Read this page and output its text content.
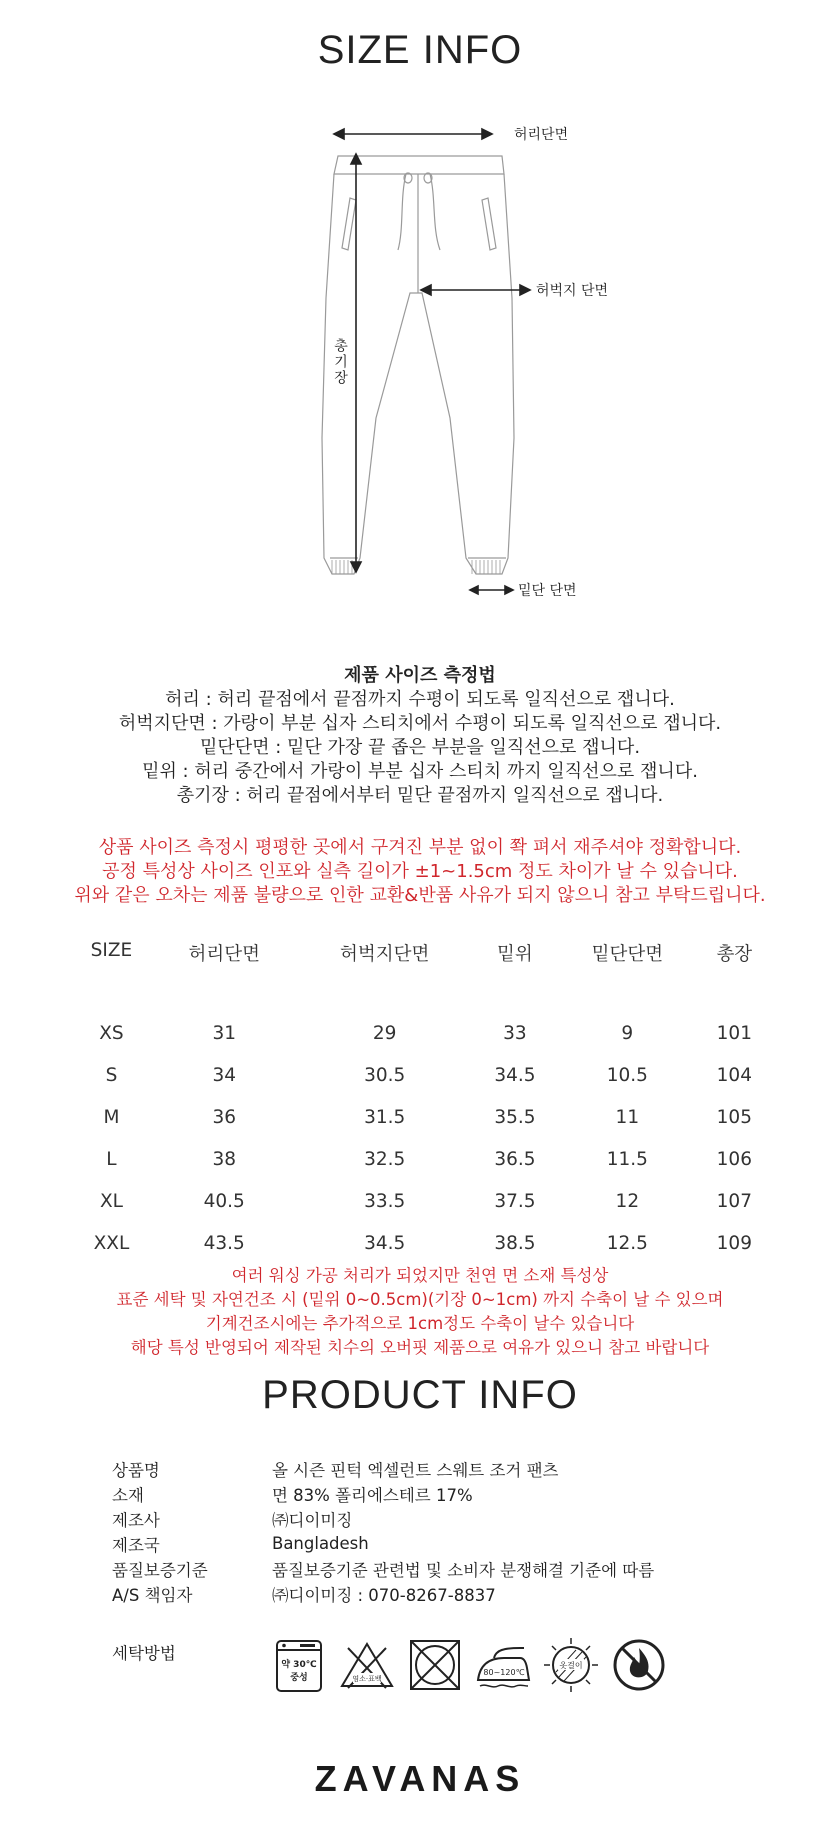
SIZE INFO
허리단면
허벅지 단면
밑단 단면
총기장
제품 사이즈 측정법
허리 : 허리 끝점에서 끝점까지 수평이 되도록 일직선으로 잽니다.
허벅지단면 : 가랑이 부분 십자 스티치에서 수평이 되도록 일직선으로 잽니다.
밑단단면 : 밑단 가장 끝 좁은 부분을 일직선으로 잽니다.
밑위 : 허리 중간에서 가랑이 부분 십자 스티치 까지 일직선으로 잽니다.
총기장 : 허리 끝점에서부터 밑단 끝점까지 일직선으로 잽니다.
상품 사이즈 측정시 평평한 곳에서 구겨진 부분 없이 쫙 펴서 재주셔야 정확합니다.
공정 특성상 사이즈 인포와 실측 길이가 ±1~1.5cm 정도 차이가 날 수 있습니다.
위와 같은 오차는 제품 불량으로 인한 교환&반품 사유가 되지 않으니 참고 부탁드립니다.
SIZE	허리단면	허벅지단면	밑위	밑단단면	총장
XS	31	29	33	9	101
S	34	30.5	34.5	10.5	104
M	36	31.5	35.5	11	105
L	38	32.5	36.5	11.5	106
XL	40.5	33.5	37.5	12	107
XXL	43.5	34.5	38.5	12.5	109
여러 워싱 가공 처리가 되었지만 천연 면 소재 특성상
표준 세탁 및 자연건조 시 (밑위 0~0.5cm)(기장 0~1cm) 까지 수축이 날 수 있으며
기계건조시에는 추가적으로 1cm정도 수축이 날수 있습니다
해당 특성 반영되어 제작된 치수의 오버핏 제품으로 여유가 있으니 참고 바랍니다
PRODUCT INFO
상품명	올 시즌 핀턱 엑셀런트 스웨트 조거 팬츠
소재	면 83% 폴리에스테르 17%
제조사	㈜디이미징
제조국	Bangladesh
품질보증기준	품질보증기준 관련법 및 소비자 분쟁해결 기준에 따름
A/S 책임자	㈜디이미징 : 070-8267-8837
세탁방법
약 30℃
중성	염소·표백
80~120℃
옷걸이
ZAVANAS
